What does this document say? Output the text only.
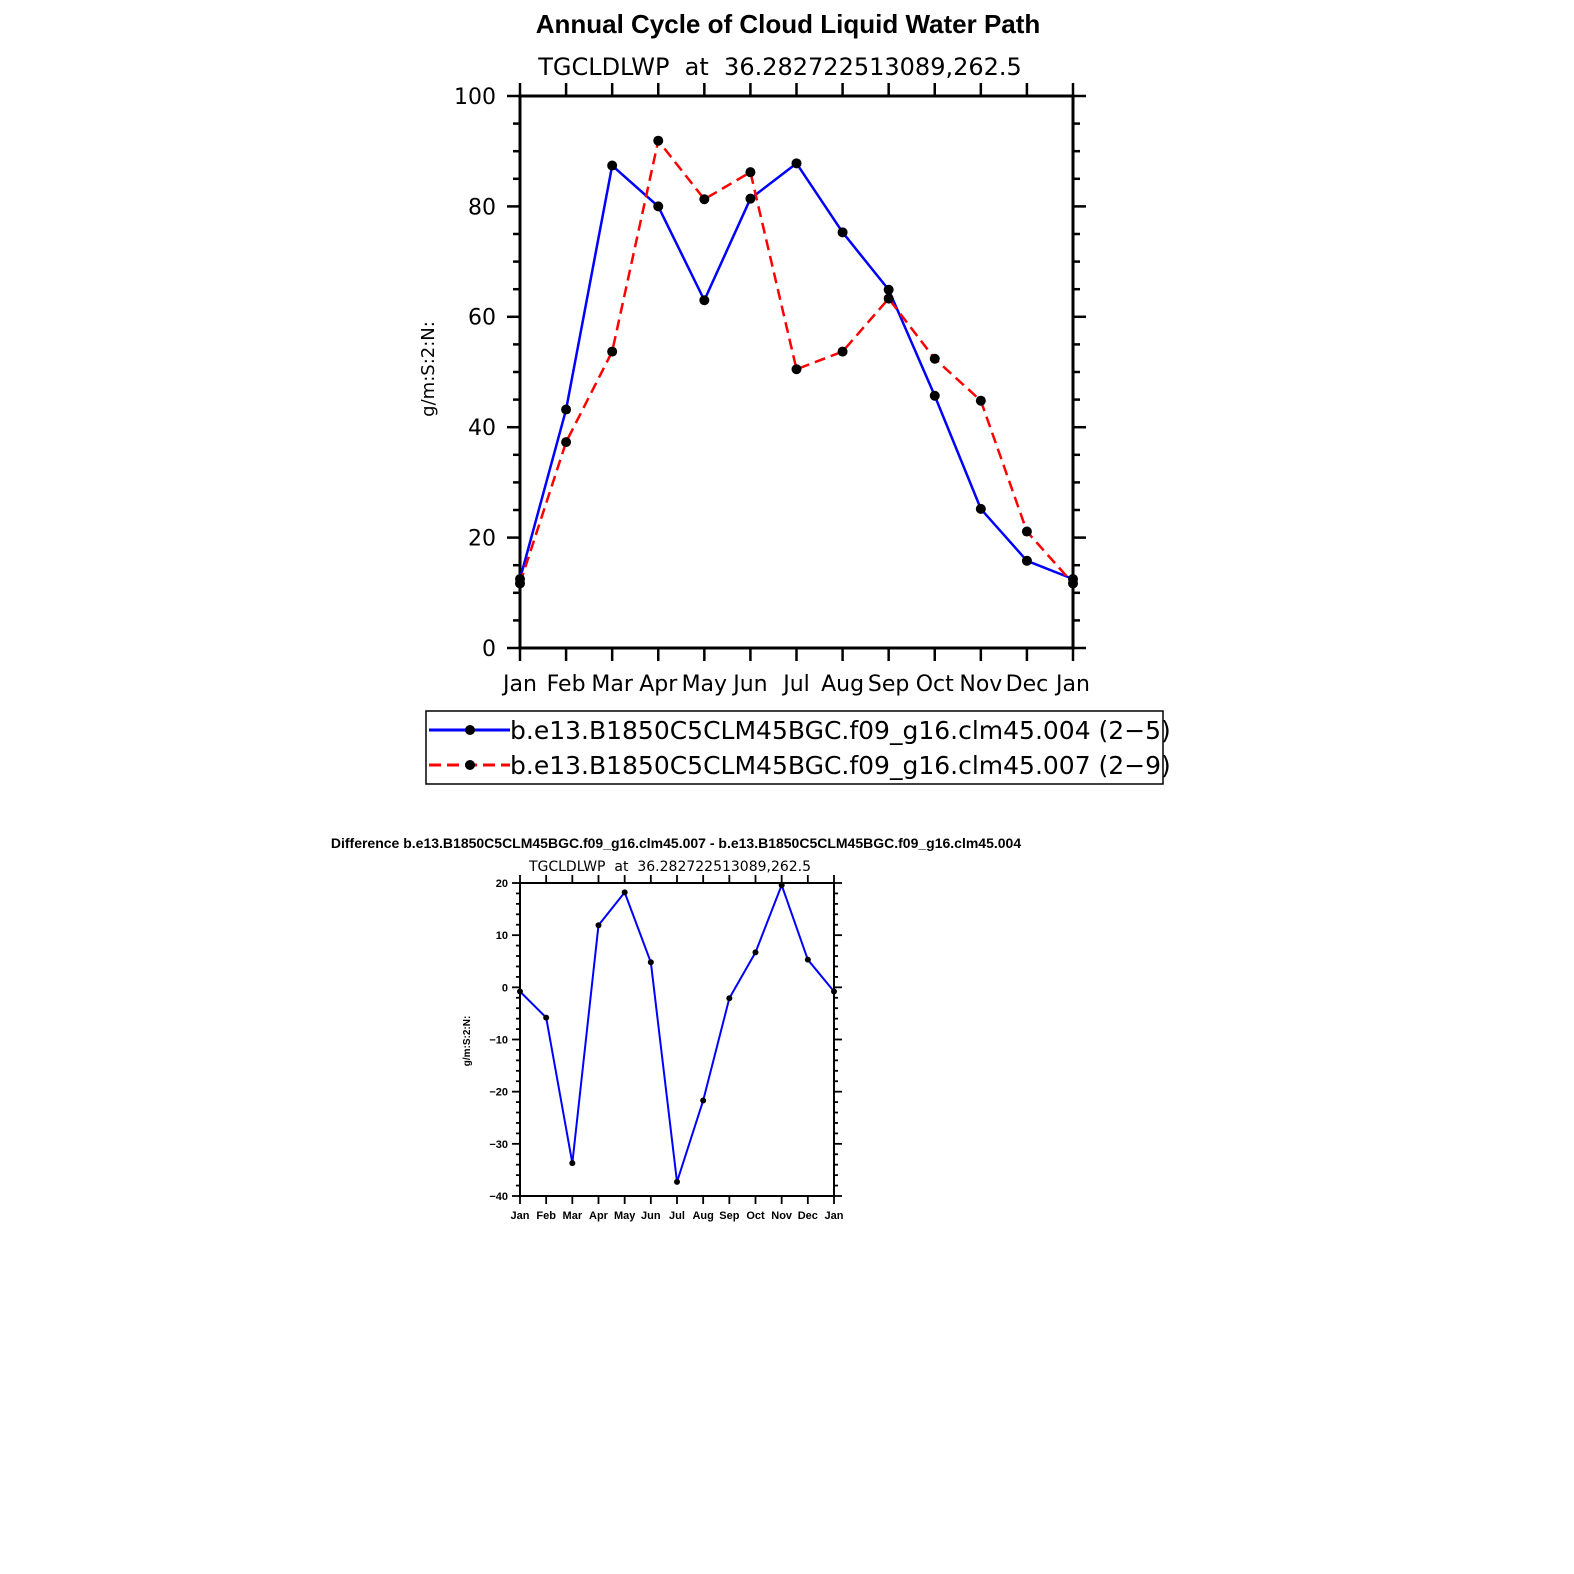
Annual Cycle of Cloud Liquid Water Path
TGCLDLWP  at  36.282722513089,262.5
g/m:S:2:N:
b.e13.B1850C5CLM45BGC.f09_g16.clm45.004 (2−5)
b.e13.B1850C5CLM45BGC.f09_g16.clm45.007 (2−9)
Difference b.e13.B1850C5CLM45BGC.f09_g16.clm45.007 - b.e13.B1850C5CLM45BGC.f09_g16.clm45.004
TGCLDLWP  at  36.282722513089,262.5
g/m:S:2:N:
Jan Feb Mar Apr May Jun Jul Aug Sep Oct Nov Dec Jan
0
20
40
60
80
100
Jan Feb Mar Apr May Jun Jul Aug Sep Oct Nov Dec Jan
−40
−30
−20
−10
0
10
20
